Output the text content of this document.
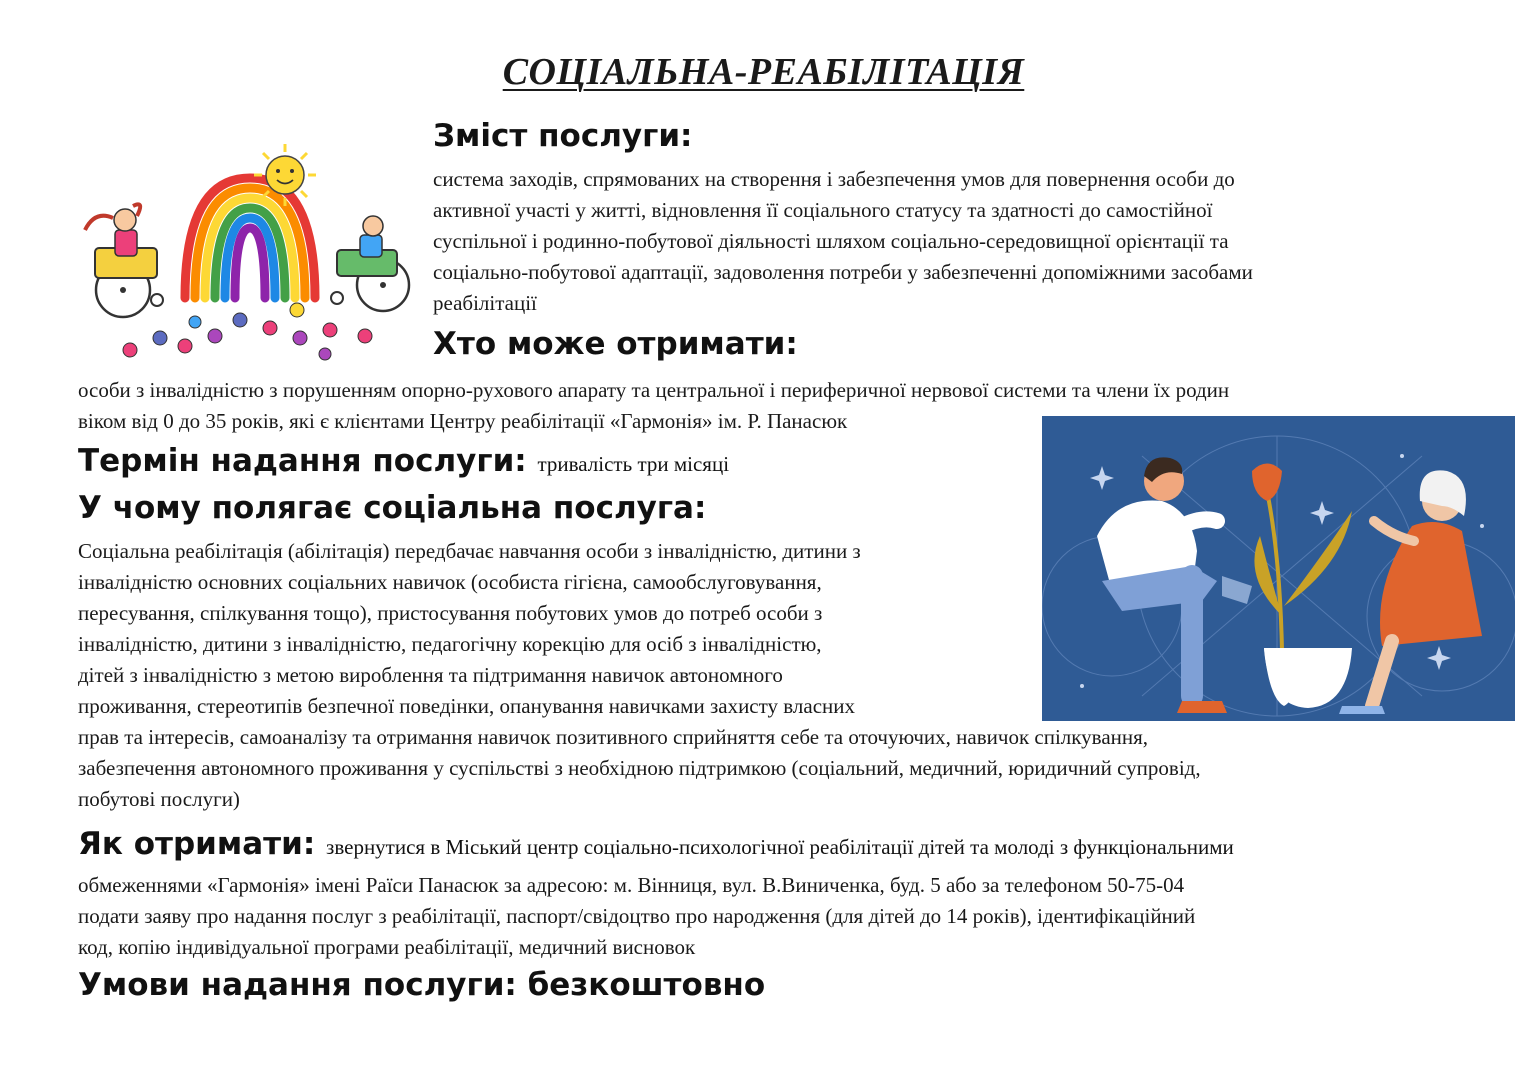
СОЦІАЛЬНА-РЕАБІЛІТАЦІЯ
Зміст послуги:
система заходів, спрямованих на створення і забезпечення умов для повернення особи до
активної участі у житті, відновлення її соціального статусу та здатності до самостійної
суспільної і родинно-побутової діяльності шляхом соціально-середовищної орієнтації та
соціально-побутової адаптації, задоволення потреби у забезпеченні допоміжними засобами
реабілітації
Хто може отримати:
особи з інвалідністю з порушенням опорно-рухового апарату та центральної і периферичної нервової системи та члени їх родин
віком від 0 до 35 років, які є клієнтами Центру реабілітації «Гармонія» ім. Р. Панасюк
Термін надання послуги: тривалість три місяці
У чому полягає соціальна послуга:
Соціальна реабілітація (абілітація) передбачає навчання особи з інвалідністю, дитини з
інвалідністю основних соціальних навичок (особиста гігієна, самообслуговування,
пересування, спілкування тощо), пристосування побутових умов до потреб особи з
інвалідністю, дитини з інвалідністю, педагогічну корекцію для осіб з інвалідністю,
дітей з інвалідністю з метою вироблення та підтримання навичок автономного
проживання, стереотипів безпечної поведінки, опанування навичками захисту власних
прав та інтересів, самоаналізу та отримання навичок позитивного сприйняття себе та оточуючих, навичок спілкування,
забезпечення автономного проживання у суспільстві з необхідною підтримкою (соціальний, медичний, юридичний супровід,
побутові послуги)
Як отримати: звернутися в Міський центр соціально-психологічної реабілітації дітей та молоді з функціональними
обмеженнями «Гармонія» імені Раїси Панасюк за адресою: м. Вінниця, вул. В.Виниченка, буд. 5 або за телефоном 50-75-04
подати заяву про надання послуг з реабілітації, паспорт/свідоцтво про народження (для дітей до 14 років), ідентифікаційний
код, копію індивідуальної програми реабілітації, медичний висновок
Умови надання послуги: безкоштовно
